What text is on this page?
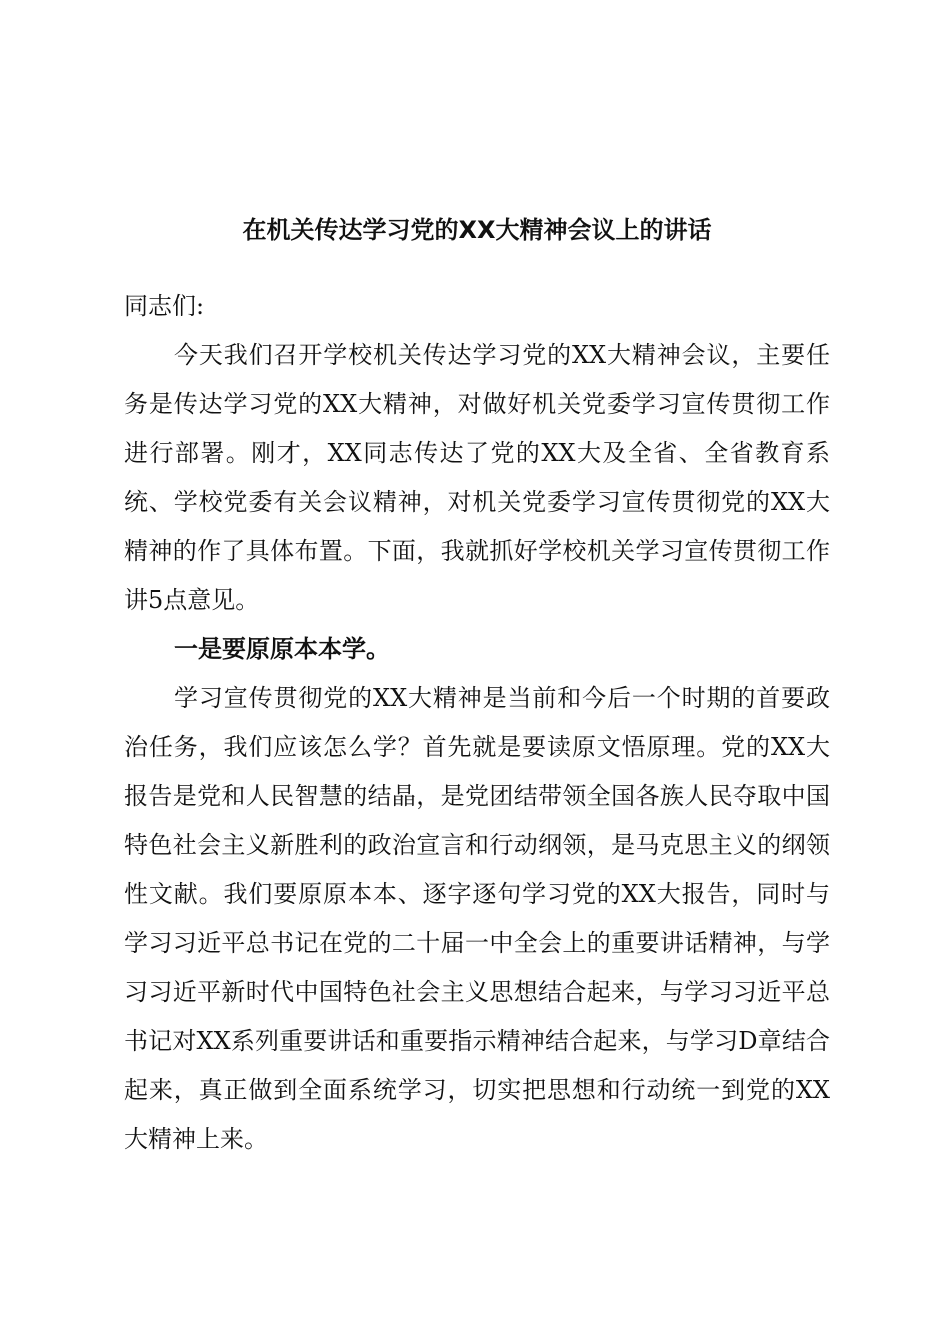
在机关传达学习党的XX大精神会议上的讲话

同志们:

今天我们召开学校机关传达学习党的XX大精神会议，主要任务是传达学习党的XX大精神，对做好机关党委学习宣传贯彻工作进行部署。刚才，XX同志传达了党的XX大及全省、全省教育系统、学校党委有关会议精神，对机关党委学习宣传贯彻党的XX大精神的作了具体布置。下面，我就抓好学校机关学习宣传贯彻工作讲5点意见。

一是要原原本本学。

学习宣传贯彻党的XX大精神是当前和今后一个时期的首要政治任务，我们应该怎么学？首先就是要读原文悟原理。党的XX大报告是党和人民智慧的结晶，是党团结带领全国各族人民夺取中国特色社会主义新胜利的政治宣言和行动纲领，是马克思主义的纲领性文献。我们要原原本本、逐字逐句学习党的XX大报告，同时与学习习近平总书记在党的二十届一中全会上的重要讲话精神，与学习习近平新时代中国特色社会主义思想结合起来，与学习习近平总书记对XX系列重要讲话和重要指示精神结合起来，与学习D章结合起来，真正做到全面系统学习，切实把思想和行动统一到党的XX大精神上来。
